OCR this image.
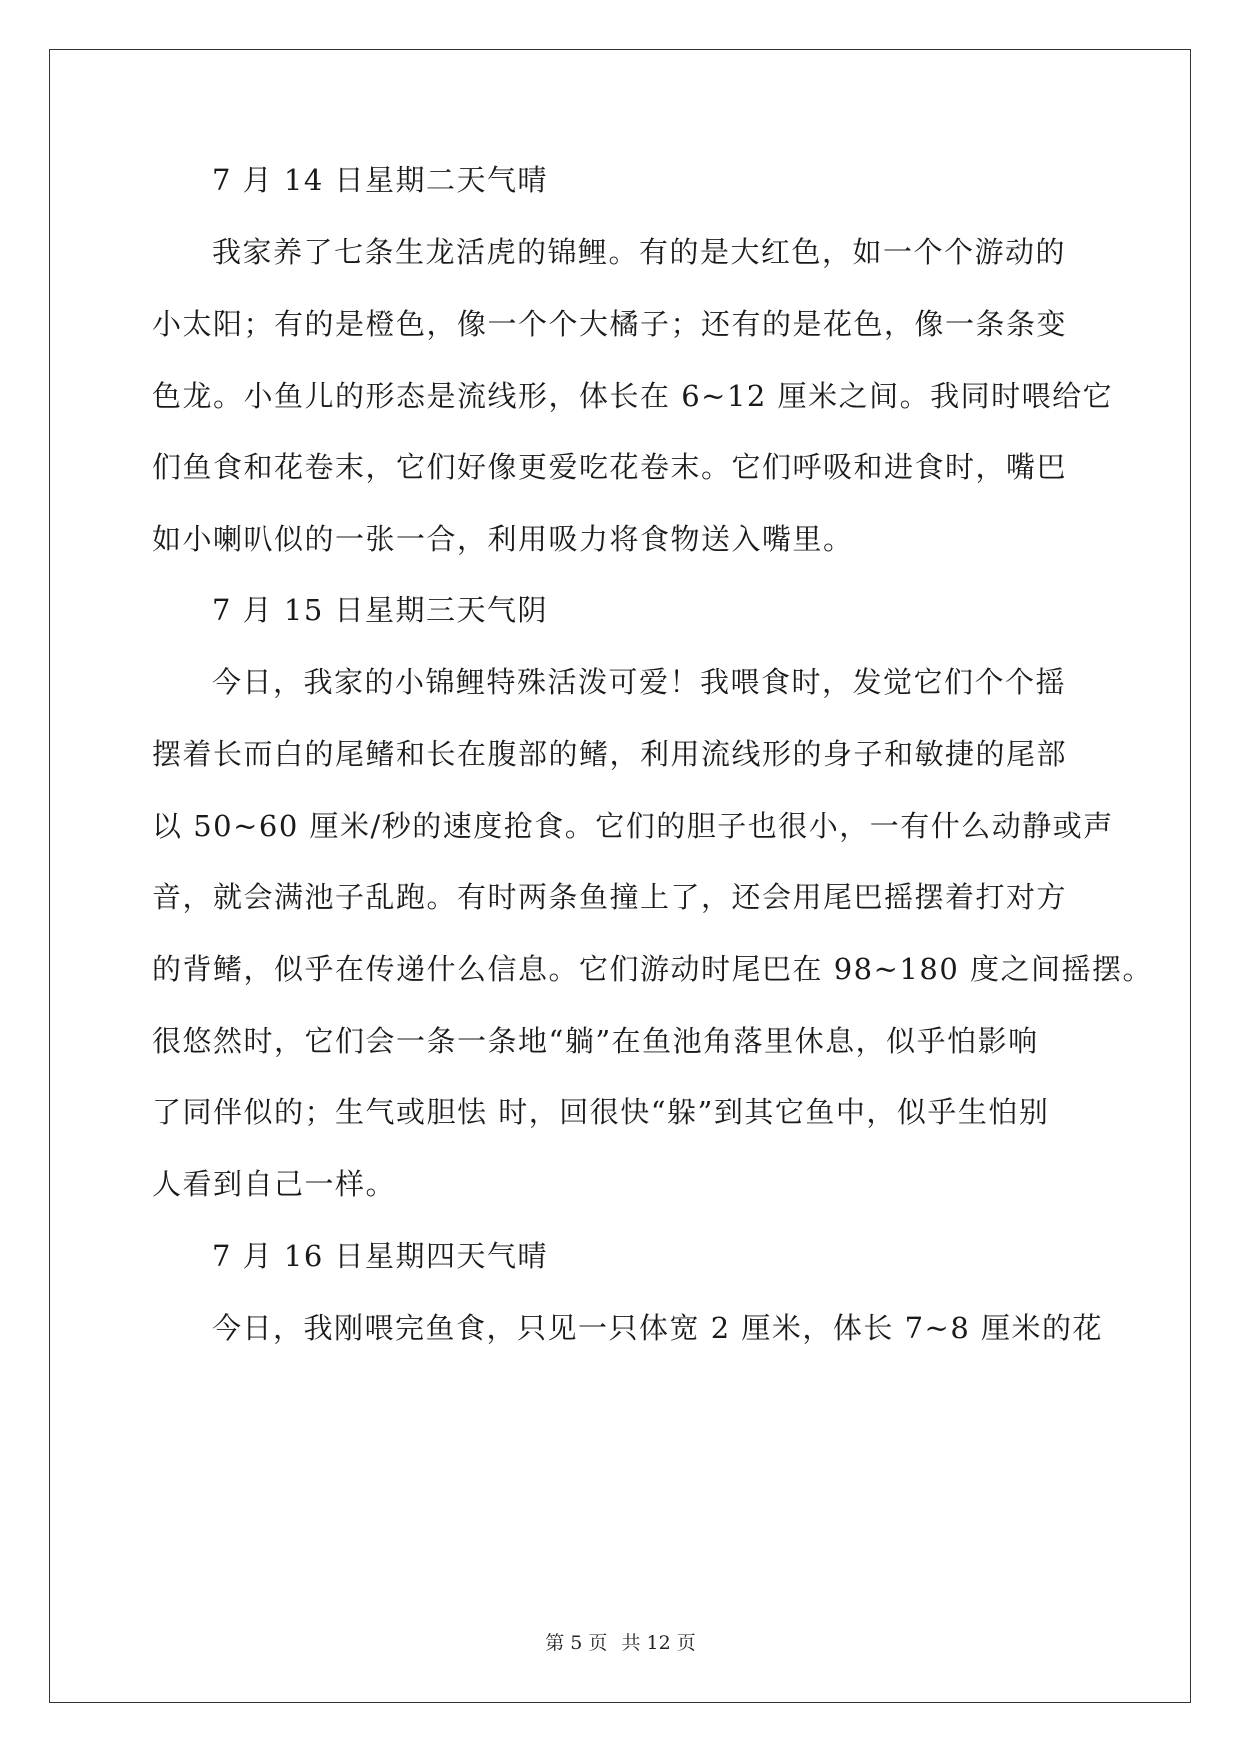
7 月 14 日星期二天气晴
我家养了七条生龙活虎的锦鲤。有的是大红色，如一个个游动的
小太阳；有的是橙色，像一个个大橘子；还有的是花色，像一条条变
色龙。小鱼儿的形态是流线形，体长在 6~12 厘米之间。我同时喂给它
们鱼食和花卷末，它们好像更爱吃花卷末。它们呼吸和进食时，嘴巴
如小喇叭似的一张一合，利用吸力将食物送入嘴里。
7 月 15 日星期三天气阴
今日，我家的小锦鲤特殊活泼可爱！我喂食时，发觉它们个个摇
摆着长而白的尾鳍和长在腹部的鳍，利用流线形的身子和敏捷的尾部
以 50~60 厘米/秒的速度抢食。它们的胆子也很小，一有什么动静或声
音，就会满池子乱跑。有时两条鱼撞上了，还会用尾巴摇摆着打对方
的背鳍，似乎在传递什么信息。它们游动时尾巴在 98~180 度之间摇摆。
很悠然时，它们会一条一条地“躺”在鱼池角落里休息，似乎怕影响
了同伴似的；生气或胆怯 时，回很快“躲”到其它鱼中，似乎生怕别
人看到自己一样。
7 月 16 日星期四天气晴
今日，我刚喂完鱼食，只见一只体宽 2 厘米，体长 7~8 厘米的花
第 5 页 共 12 页
